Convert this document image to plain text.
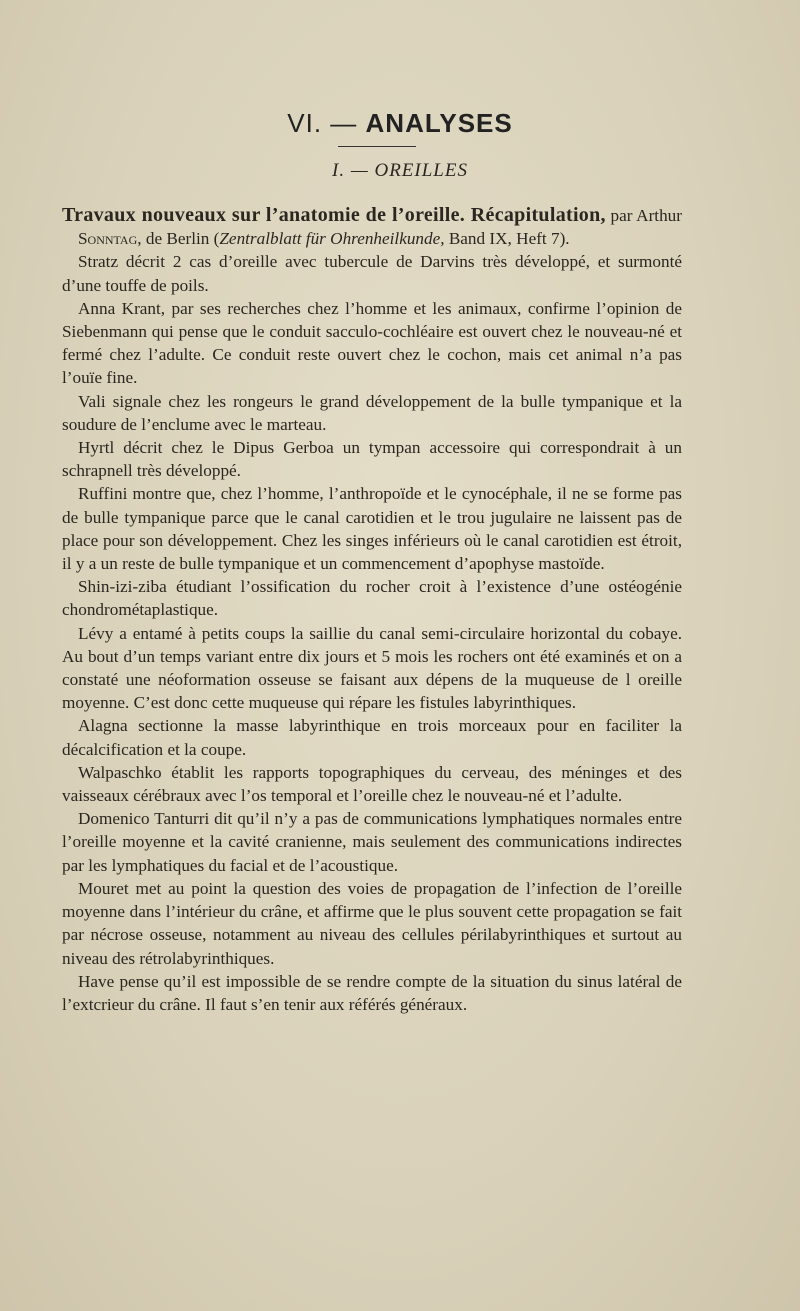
VI. — ANALYSES
I. — OREILLES

Travaux nouveaux sur l’anatomie de l’oreille. Récapitulation, par Arthur Sonntag, de Berlin (Zentralblatt für Ohrenheilkunde, Band IX, Heft 7).

Stratz décrit 2 cas d’oreille avec tubercule de Darvins très développé, et surmonté d’une touffe de poils.

Anna Krant, par ses recherches chez l’homme et les animaux, confirme l’opinion de Siebenmann qui pense que le conduit sacculo-cochléaire est ouvert chez le nouveau-né et fermé chez l’adulte. Ce conduit reste ouvert chez le cochon, mais cet animal n’a pas l’ouïe fine.

Vali signale chez les rongeurs le grand développement de la bulle tympanique et la soudure de l’enclume avec le marteau.

Hyrtl décrit chez le Dipus Gerboa un tympan accessoire qui correspondrait à un schrapnell très développé.

Ruffini montre que, chez l’homme, l’anthropoïde et le cynocéphale, il ne se forme pas de bulle tympanique parce que le canal carotidien et le trou jugulaire ne laissent pas de place pour son développement. Chez les singes inférieurs où le canal carotidien est étroit, il y a un reste de bulle tympanique et un commencement d’apophyse mastoïde.

Shin-izi-ziba étudiant l’ossification du rocher croit à l’existence d’une ostéogénie chondrométaplastique.

Lévy a entamé à petits coups la saillie du canal semi-circulaire horizontal du cobaye. Au bout d’un temps variant entre dix jours et 5 mois les rochers ont été examinés et on a constaté une néoformation osseuse se faisant aux dépens de la muqueuse de l oreille moyenne. C’est donc cette muqueuse qui répare les fistules labyrinthiques.

Alagna sectionne la masse labyrinthique en trois morceaux pour en faciliter la décalcification et la coupe.

Walpaschko établit les rapports topographiques du cerveau, des méninges et des vaisseaux cérébraux avec l’os temporal et l’oreille chez le nouveau-né et l’adulte.

Domenico Tanturri dit qu’il n’y a pas de communications lymphatiques normales entre l’oreille moyenne et la cavité cranienne, mais seulement des communications indirectes par les lymphatiques du facial et de l’acoustique.

Mouret met au point la question des voies de propagation de l’infection de l’oreille moyenne dans l’intérieur du crâne, et affirme que le plus souvent cette propagation se fait par nécrose osseuse, notamment au niveau des cellules périlabyrinthiques et surtout au niveau des rétrolabyrinthiques.

Have pense qu’il est impossible de se rendre compte de la situation du sinus latéral de l’extcrieur du crâne. Il faut s’en tenir aux référés généraux.
